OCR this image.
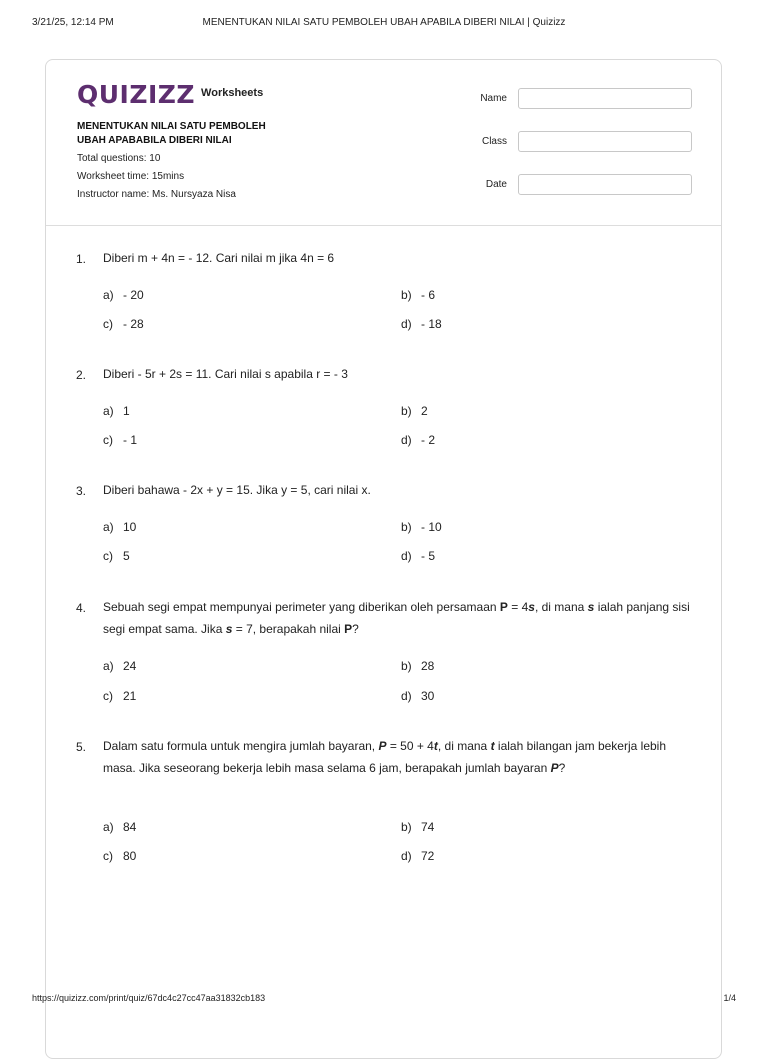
3/21/25, 12:14 PM	MENENTUKAN NILAI SATU PEMBOLEH UBAH APABILA DIBERI NILAI | Quizizz
QUIZIZZ Worksheets
MENENTUKAN NILAI SATU PEMBOLEH
UBAH APABABILA DIBERI NILAI
Total questions: 10
Worksheet time: 15mins
Instructor name: Ms. Nursyaza Nisa
Name
Class
Date
1. Diberi m + 4n = - 12. Cari nilai m jika 4n = 6
a) - 20	b) - 6
c) - 28	d) - 18
2. Diberi - 5r + 2s = 11. Cari nilai s apabila r = - 3
a) 1	b) 2
c) - 1	d) - 2
3. Diberi bahawa - 2x + y = 15. Jika y = 5, cari nilai x.
a) 10	b) - 10
c) 5	d) - 5
4. Sebuah segi empat mempunyai perimeter yang diberikan oleh persamaan P = 4s, di mana s ialah panjang sisi segi empat sama. Jika s = 7, berapakah nilai P?
a) 24	b) 28
c) 21	d) 30
5. Dalam satu formula untuk mengira jumlah bayaran, P = 50 + 4t, di mana t ialah bilangan jam bekerja lebih masa. Jika seseorang bekerja lebih masa selama 6 jam, berapakah jumlah bayaran P?
a) 84	b) 74
c) 80	d) 72
https://quizizz.com/print/quiz/67dc4c27cc47aa31832cb183	1/4
